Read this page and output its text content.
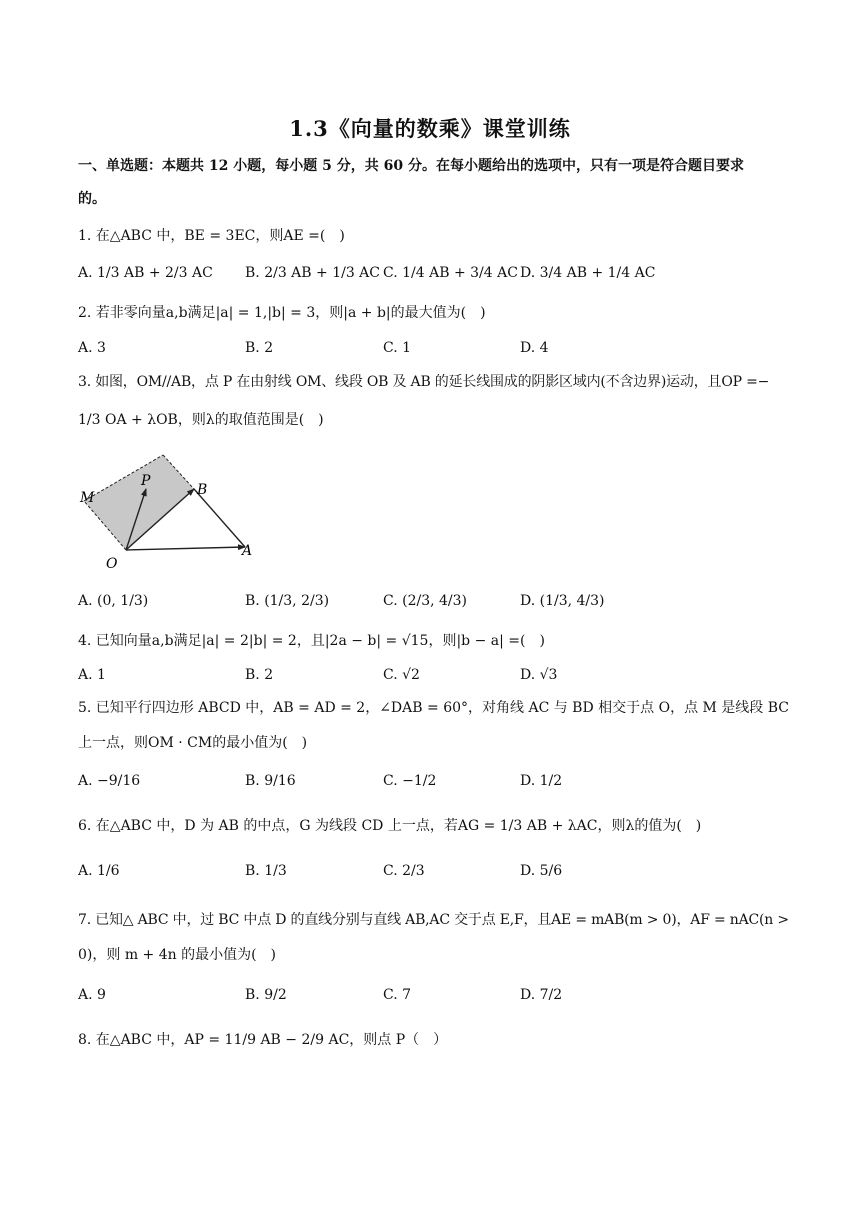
1.3《向量的数乘》课堂训练
一、单选题：本题共 12 小题，每小题 5 分，共 60 分。在每小题给出的选项中，只有一项是符合题目要求
的。
1. 在△ABC 中，BE = 3EC，则AE =(　)
A. 1/3 AB + 2/3 AC B. 2/3 AB + 1/3 AC C. 1/4 AB + 3/4 AC D. 3/4 AB + 1/4 AC
2. 若非零向量a,b满足|a| = 1,|b| = 3，则|a + b|的最大值为(　)
A. 3	B. 2	C. 1	D. 4
3. 如图，OM//AB，点 P 在由射线 OM、线段 OB 及 AB 的延长线围成的阴影区域内(不含边界)运动，且OP =−
1/3 OA + λOB，则λ的取值范围是(　)
M
P
B
O
A
A. (0, 1/3)	B. (1/3, 2/3)	C. (2/3, 4/3)	D. (1/3, 4/3)
4. 已知向量a,b满足|a| = 2|b| = 2，且|2a − b| = √15，则|b − a| =(　)
A. 1	B. 2	C. √2	D. √3
5. 已知平行四边形 ABCD 中，AB = AD = 2，∠DAB = 60°，对角线 AC 与 BD 相交于点 O，点 M 是线段 BC
上一点，则OM · CM的最小值为(　)
A. −9/16	B. 9/16	C. −1/2	D. 1/2
6. 在△ABC 中，D 为 AB 的中点，G 为线段 CD 上一点，若AG = 1/3 AB + λAC，则λ的值为(　)
A. 1/6	B. 1/3	C. 2/3	D. 5/6
7. 已知△ ABC 中，过 BC 中点 D 的直线分别与直线 AB,AC 交于点 E,F，且AE = mAB(m > 0)，AF = nAC(n >
0)，则 m + 4n 的最小值为(　)
A. 9	B. 9/2	C. 7	D. 7/2
8. 在△ABC 中，AP = 11/9 AB − 2/9 AC，则点 P（　）
